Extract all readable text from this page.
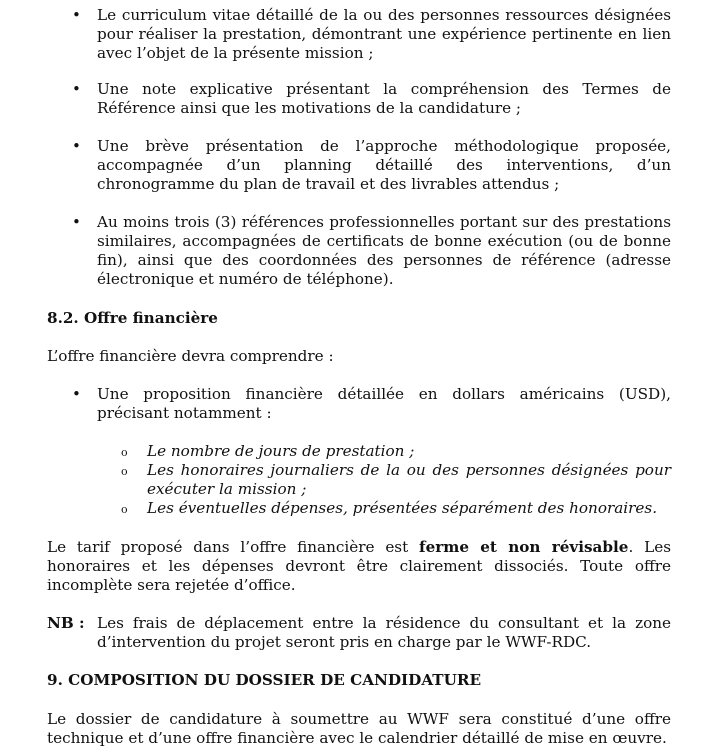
• Le curriculum vitae détaillé de la ou des personnes ressources désignées pour réaliser la prestation, démontrant une expérience pertinente en lien avec l’objet de la présente mission ;
• Une note explicative présentant la compréhension des Termes de Référence ainsi que les motivations de la candidature ;
• Une brève présentation de l’approche méthodologique proposée, accompagnée d’un planning détaillé des interventions, d’un chronogramme du plan de travail et des livrables attendus ;
• Au moins trois (3) références professionnelles portant sur des prestations similaires, accompagnées de certificats de bonne exécution (ou de bonne fin), ainsi que des coordonnées des personnes de référence (adresse électronique et numéro de téléphone).
8.2. Offre financière
L’offre financière devra comprendre :
• Une proposition financière détaillée en dollars américains (USD), précisant notamment :
o Le nombre de jours de prestation ;
o Les honoraires journaliers de la ou des personnes désignées pour exécuter la mission ;
o Les éventuelles dépenses, présentées séparément des honoraires.
Le tarif proposé dans l’offre financière est ferme et non révisable. Les honoraires et les dépenses devront être clairement dissociés. Toute offre incomplète sera rejetée d’office.
NB : Les frais de déplacement entre la résidence du consultant et la zone d’intervention du projet seront pris en charge par le WWF-RDC.
9. COMPOSITION DU DOSSIER DE CANDIDATURE
Le dossier de candidature à soumettre au WWF sera constitué d’une offre technique et d’une offre financière avec le calendrier détaillé de mise en œuvre.
